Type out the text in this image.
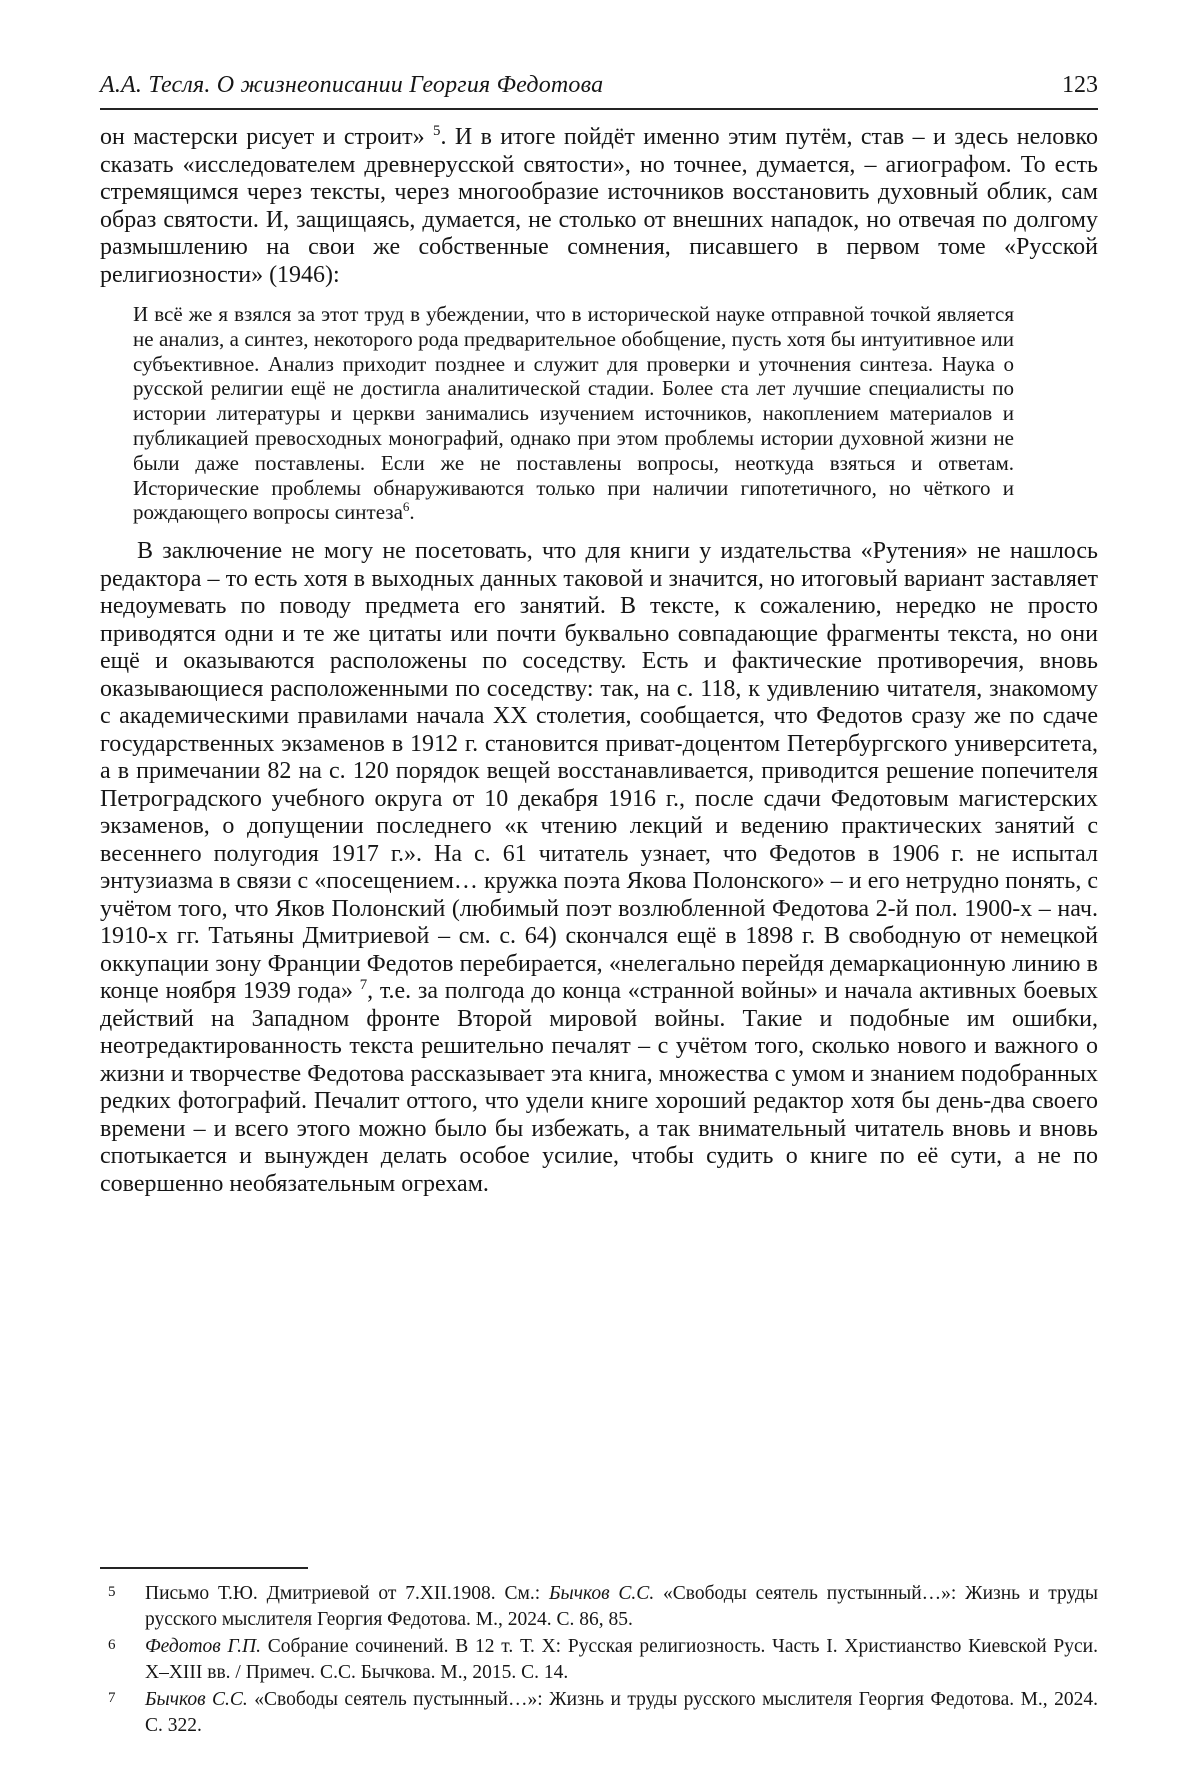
А.А. Тесля. О жизнеописании Георгия Федотова	123

он мастерски рисует и строит» $^5$. И в итоге пойдёт именно этим путём, став – и здесь неловко сказать «исследователем древнерусской святости», но точнее, думается, – агиографом. То есть стремящимся через тексты, через многообразие источников восстановить духовный облик, сам образ святости. И, защищаясь, думается, не столько от внешних нападок, но отвечая по долгому размышлению на свои же собственные сомнения, писавшего в первом томе «Русской религиозности» (1946):

И всё же я взялся за этот труд в убеждении, что в исторической науке отправной точкой является не анализ, а синтез, некоторого рода предварительное обобщение, пусть хотя бы интуитивное или субъективное. Анализ приходит позднее и служит для проверки и уточнения синтеза. Наука о русской религии ещё не достигла аналитической стадии. Более ста лет лучшие специалисты по истории литературы и церкви занимались изучением источников, накоплением материалов и публикацией превосходных монографий, однако при этом проблемы истории духовной жизни не были даже поставлены. Если же не поставлены вопросы, неоткуда взяться и ответам. Исторические проблемы обнаруживаются только при наличии гипотетичного, но чёткого и рождающего вопросы синтеза$^6$.

В заключение не могу не посетовать, что для книги у издательства «Рутения» не нашлось редактора – то есть хотя в выходных данных таковой и значится, но итоговый вариант заставляет недоумевать по поводу предмета его занятий. В тексте, к сожалению, нередко не просто приводятся одни и те же цитаты или почти буквально совпадающие фрагменты текста, но они ещё и оказываются расположены по соседству. Есть и фактические противоречия, вновь оказывающиеся расположенными по соседству: так, на с. 118, к удивлению читателя, знакомому с академическими правилами начала XX столетия, сообщается, что Федотов сразу же по сдаче государственных экзаменов в 1912 г. становится приват-доцентом Петербургского университета, а в примечании 82 на с. 120 порядок вещей восстанавливается, приводится решение попечителя Петроградского учебного округа от 10 декабря 1916 г., после сдачи Федотовым магистерских экзаменов, о допущении последнего «к чтению лекций и ведению практических занятий с весеннего полугодия 1917 г.». На с. 61 читатель узнает, что Федотов в 1906 г. не испытал энтузиазма в связи с «посещением… кружка поэта Якова Полонского» – и его нетрудно понять, с учётом того, что Яков Полонский (любимый поэт возлюбленной Федотова 2-й пол. 1900-х – нач. 1910-х гг. Татьяны Дмитриевой – см. с. 64) скончался ещё в 1898 г. В свободную от немецкой оккупации зону Франции Федотов перебирается, «нелегально перейдя демаркационную линию в конце ноября 1939 года» $^7$, т.е. за полгода до конца «странной войны» и начала активных боевых действий на Западном фронте Второй мировой войны. Такие и подобные им ошибки, неотредактированность текста решительно печалят – с учётом того, сколько нового и важного о жизни и творчестве Федотова рассказывает эта книга, множества с умом и знанием подобранных редких фотографий. Печалит оттого, что удели книге хороший редактор хотя бы день-два своего времени – и всего этого можно было бы избежать, а так внимательный читатель вновь и вновь спотыкается и вынужден делать особое усилие, чтобы судить о книге по её сути, а не по совершенно необязательным огрехам.

5 Письмо Т.Ю. Дмитриевой от 7.XII.1908. См.: Бычков С.С. «Свободы сеятель пустынный…»: Жизнь и труды русского мыслителя Георгия Федотова. М., 2024. С. 86, 85.
6 Федотов Г.П. Собрание сочинений. В 12 т. Т. X: Русская религиозность. Часть I. Христианство Киевской Руси. X–XIII вв. / Примеч. С.С. Бычкова. М., 2015. С. 14.
7 Бычков С.С. «Свободы сеятель пустынный…»: Жизнь и труды русского мыслителя Георгия Федотова. М., 2024. С. 322.
